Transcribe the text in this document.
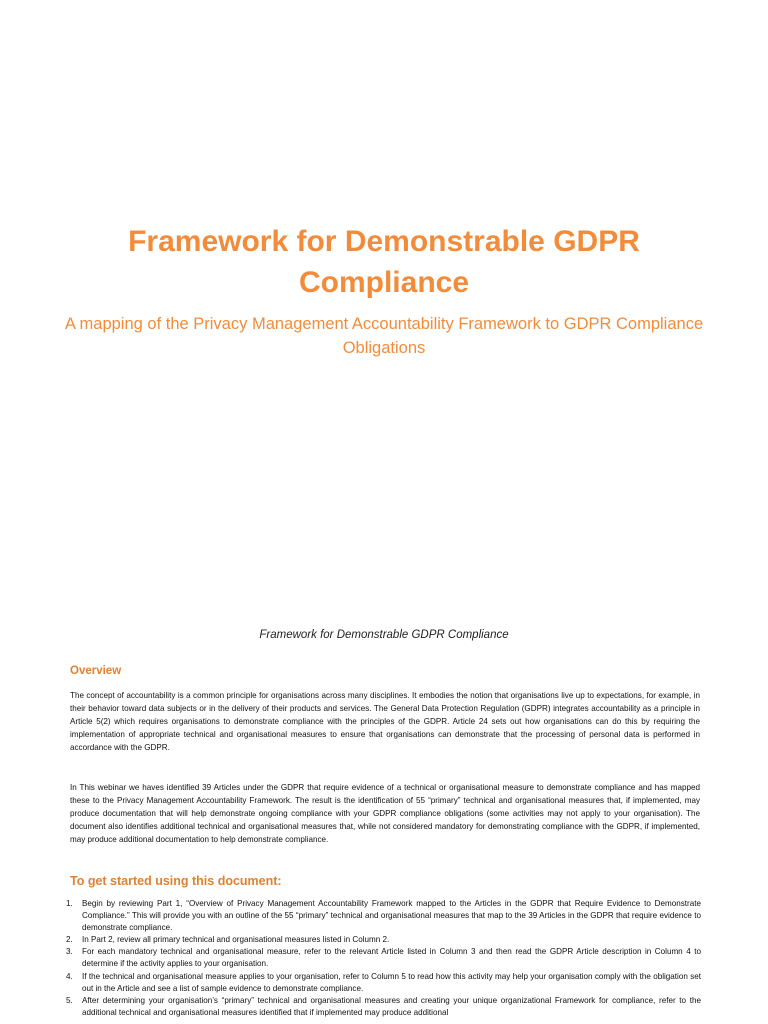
Framework for Demonstrable GDPR Compliance
A mapping of the Privacy Management Accountability Framework to GDPR Compliance Obligations
Framework for Demonstrable GDPR Compliance
Overview

The concept of accountability is a common principle for organisations across many disciplines. It embodies the notion that organisations live up to expectations, for example, in their behavior toward data subjects or in the delivery of their products and services. The General Data Protection Regulation (GDPR) integrates accountability as a principle in Article 5(2) which requires organisations to demonstrate compliance with the principles of the GDPR. Article 24 sets out how organisations can do this by requiring the implementation of appropriate technical and organisational measures to ensure that organisations can demonstrate that the processing of personal data is performed in accordance with the GDPR.

In This webinar we haves identified 39 Articles under the GDPR that require evidence of a technical or organisational measure to demonstrate compliance and has mapped these to the Privacy Management Accountability Framework. The result is the identification of 55 “primary” technical and organisational measures that, if implemented, may produce documentation that will help demonstrate ongoing compliance with your GDPR compliance obligations (some activities may not apply to your organisation). The document also identifies additional technical and organisational measures that, while not considered mandatory for demonstrating compliance with the GDPR, if implemented, may produce additional documentation to help demonstrate compliance.

To get started using this document:
1. Begin by reviewing Part 1, “Overview of Privacy Management Accountability Framework mapped to the Articles in the GDPR that Require Evidence to Demonstrate Compliance.” This will provide you with an outline of the 55 “primary” technical and organisational measures that map to the 39 Articles in the GDPR that require evidence to demonstrate compliance.
2. In Part 2, review all primary technical and organisational measures listed in Column 2.
3. For each mandatory technical and organisational measure, refer to the relevant Article listed in Column 3 and then read the GDPR Article description in Column 4 to determine if the activity applies to your organisation.
4. If the technical and organisational measure applies to your organisation, refer to Column 5 to read how this activity may help your organisation comply with the obligation set out in the Article and see a list of sample evidence to demonstrate compliance.
5. After determining your organisation’s “primary” technical and organisational measures and creating your unique organizational Framework for compliance, refer to the additional technical and organisational measures identified that if implemented may produce additional
